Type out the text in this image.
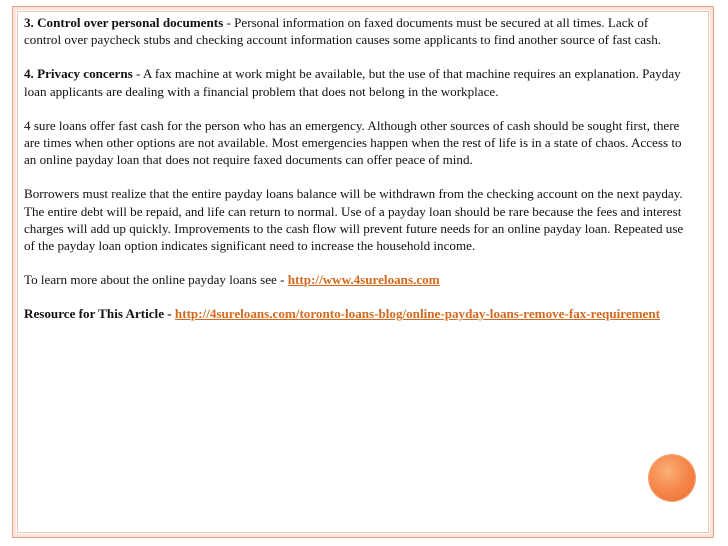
3. Control over personal documents - Personal information on faxed documents must be secured at all times. Lack of control over paycheck stubs and checking account information causes some applicants to find another source of fast cash.

4. Privacy concerns - A fax machine at work might be available, but the use of that machine requires an explanation. Payday loan applicants are dealing with a financial problem that does not belong in the workplace.

4 sure loans offer fast cash for the person who has an emergency. Although other sources of cash should be sought first, there are times when other options are not available. Most emergencies happen when the rest of life is in a state of chaos. Access to an online payday loan that does not require faxed documents can offer peace of mind.

Borrowers must realize that the entire payday loans balance will be withdrawn from the checking account on the next payday. The entire debt will be repaid, and life can return to normal. Use of a payday loan should be rare because the fees and interest charges will add up quickly. Improvements to the cash flow will prevent future needs for an online payday loan. Repeated use of the payday loan option indicates significant need to increase the household income.

To learn more about the online payday loans see - http://www.4sureloans.com

Resource for This Article - http://4sureloans.com/toronto-loans-blog/online-payday-loans-remove-fax-requirement
